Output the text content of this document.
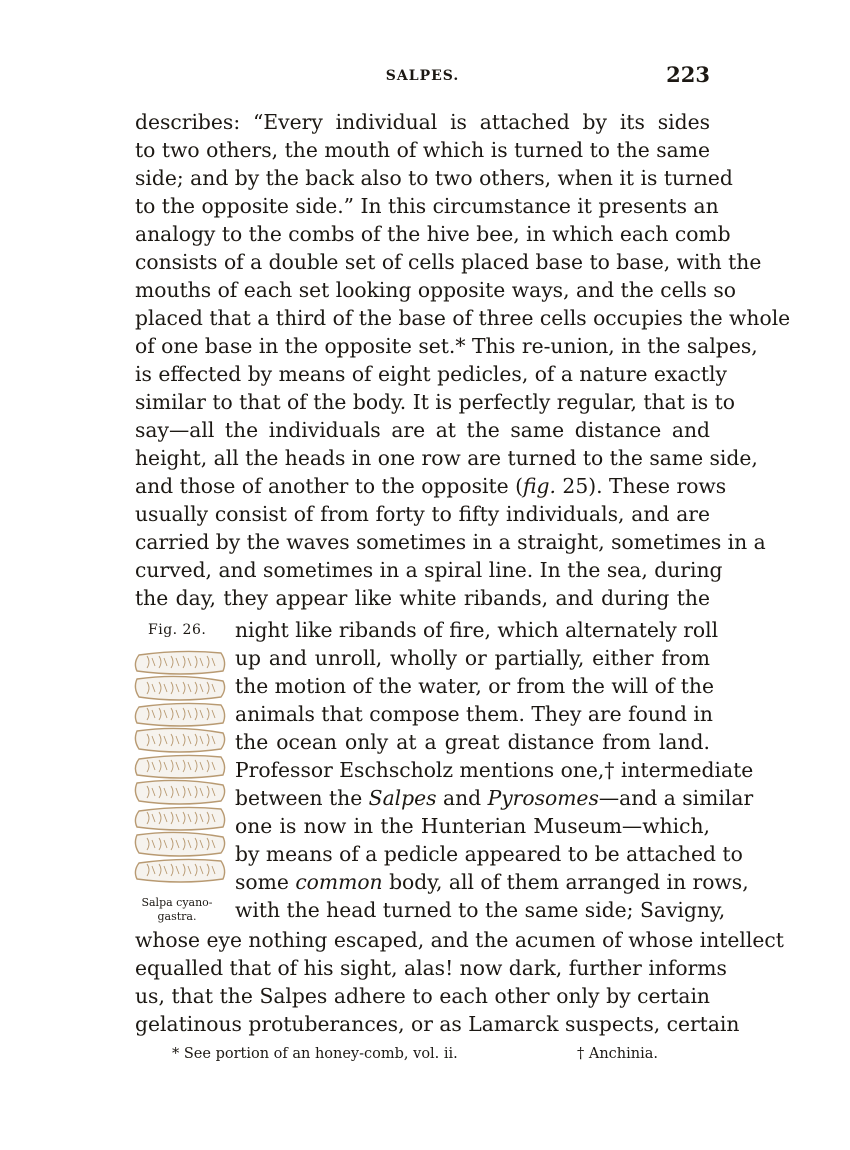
SALPES.	223
describes: “Every individual is attached by its sides
to two others, the mouth of which is turned to the same
side; and by the back also to two others, when it is turned
to the opposite side.” In this circumstance it presents an
analogy to the combs of the hive bee, in which each comb
consists of a double set of cells placed base to base, with the
mouths of each set looking opposite ways, and the cells so
placed that a third of the base of three cells occupies the whole
of one base in the opposite set.* This re-union, in the salpes,
is effected by means of eight pedicles, of a nature exactly
similar to that of the body. It is perfectly regular, that is to
say—all the individuals are at the same distance and
height, all the heads in one row are turned to the same side,
and those of another to the opposite (fig. 25). These rows
usually consist of from forty to fifty individuals, and are
carried by the waves sometimes in a straight, sometimes in a
curved, and sometimes in a spiral line. In the sea, during
the day, they appear like white ribands, and during the
Fig. 26.
Salpa cyano-
gastra.
night like ribands of fire, which alternately roll
up and unroll, wholly or partially, either from
the motion of the water, or from the will of the
animals that compose them. They are found in
the ocean only at a great distance from land.
Professor Eschscholz mentions one,† intermediate
between the Salpes and Pyrosomes—and a similar
one is now in the Hunterian Museum—which,
by means of a pedicle appeared to be attached to
some common body, all of them arranged in rows,
with the head turned to the same side; Savigny,
whose eye nothing escaped, and the acumen of whose intellect
equalled that of his sight, alas! now dark, further informs
us, that the Salpes adhere to each other only by certain
gelatinous protuberances, or as Lamarck suspects, certain
* See portion of an honey-comb, vol. ii.	† Anchinia.
